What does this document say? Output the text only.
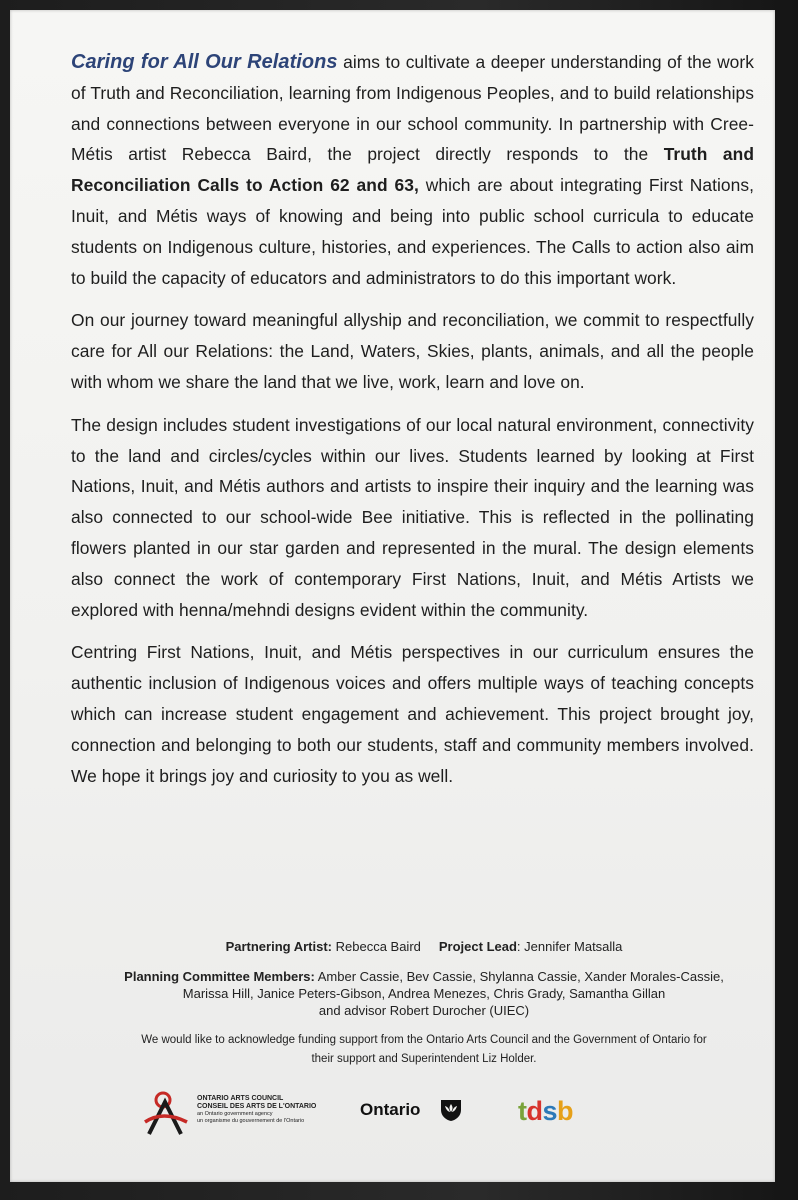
Caring for All Our Relations aims to cultivate a deeper understanding of the work of Truth and Reconciliation, learning from Indigenous Peoples, and to build relationships and connections between everyone in our school community. In partnership with Cree-Métis artist Rebecca Baird, the project directly responds to the Truth and Reconciliation Calls to Action 62 and 63, which are about integrating First Nations, Inuit, and Métis ways of knowing and being into public school curricula to educate students on Indigenous culture, histories, and experiences. The Calls to action also aim to build the capacity of educators and administrators to do this important work.

On our journey toward meaningful allyship and reconciliation, we commit to respectfully care for All our Relations: the Land, Waters, Skies, plants, animals, and all the people with whom we share the land that we live, work, learn and love on.

The design includes student investigations of our local natural environment, connectivity to the land and circles/cycles within our lives. Students learned by looking at First Nations, Inuit, and Métis authors and artists to inspire their inquiry and the learning was also connected to our school-wide Bee initiative. This is reflected in the pollinating flowers planted in our star garden and represented in the mural. The design elements also connect the work of contemporary First Nations, Inuit, and Métis Artists we explored with henna/mehndi designs evident within the community.

Centring First Nations, Inuit, and Métis perspectives in our curriculum ensures the authentic inclusion of Indigenous voices and offers multiple ways of teaching concepts which can increase student engagement and achievement. This project brought joy, connection and belonging to both our students, staff and community members involved. We hope it brings joy and curiosity to you as well.

Partnering Artist: Rebecca Baird Project Lead: Jennifer Matsalla
Planning Committee Members: Amber Cassie, Bev Cassie, Shylanna Cassie, Xander Morales-Cassie,
Marissa Hill, Janice Peters-Gibson, Andrea Menezes, Chris Grady, Samantha Gillan
and advisor Robert Durocher (UIEC)
We would like to acknowledge funding support from the Ontario Arts Council and the Government of Ontario for
their support and Superintendent Liz Holder.
ONTARIO ARTS COUNCIL
CONSEIL DES ARTS DE L'ONTARIO
an Ontario government agency
un organisme du gouvernement de l'Ontario
Ontario	tdsb
